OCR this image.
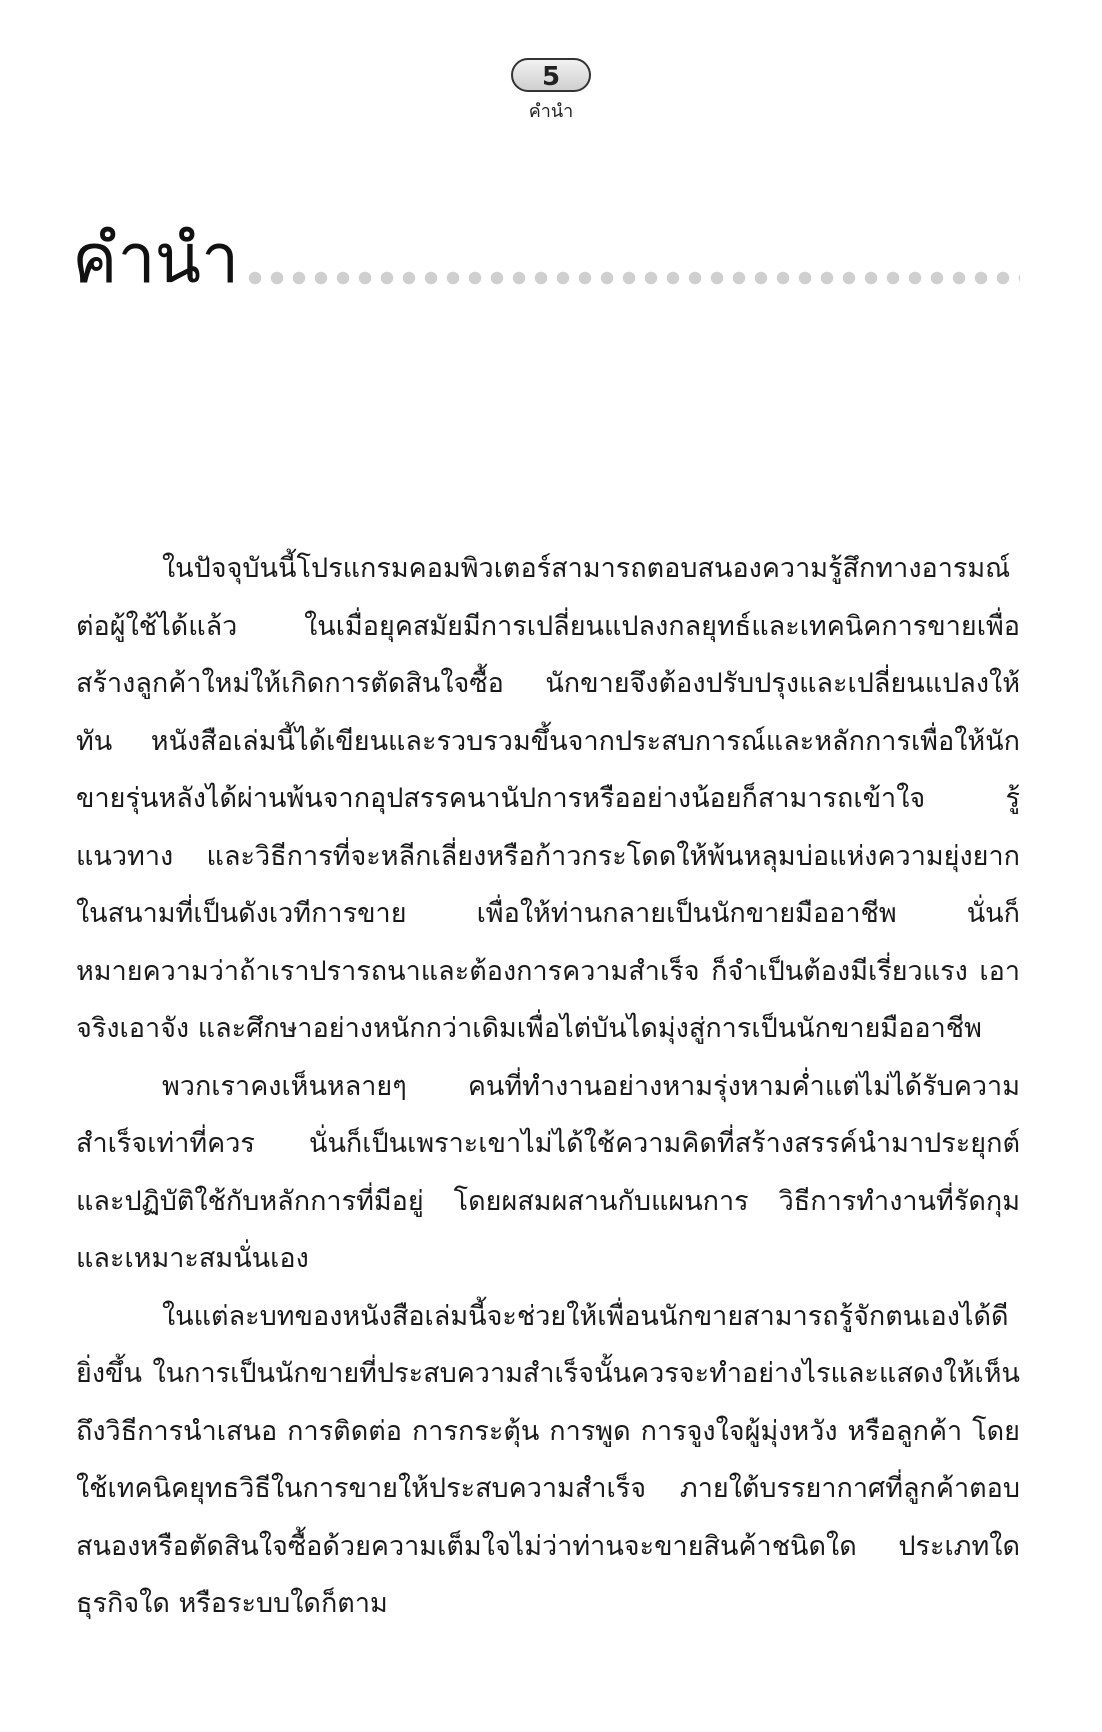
5
คำนำ
คำนำ

ในปัจจุบันนี้โปรแกรมคอมพิวเตอร์สามารถตอบสนองความรู้สึกทางอารมณ์ต่อผู้ใช้ได้แล้ว ในเมื่อยุคสมัยมีการเปลี่ยนแปลงกลยุทธ์และเทคนิคการขายเพื่อสร้างลูกค้าใหม่ให้เกิดการตัดสินใจซื้อ นักขายจึงต้องปรับปรุงและเปลี่ยนแปลงให้ทัน หนังสือเล่มนี้ได้เขียนและรวบรวมขึ้นจากประสบการณ์และหลักการเพื่อให้นักขายรุ่นหลังได้ผ่านพ้นจากอุปสรรคนานัปการหรืออย่างน้อยก็สามารถเข้าใจ รู้แนวทาง และวิธีการที่จะหลีกเลี่ยงหรือก้าวกระโดดให้พ้นหลุมบ่อแห่งความยุ่งยากในสนามที่เป็นดังเวทีการขาย เพื่อให้ท่านกลายเป็นนักขายมืออาชีพ นั่นก็หมายความว่าถ้าเราปรารถนาและต้องการความสำเร็จ ก็จำเป็นต้องมีเรี่ยวแรง เอาจริงเอาจัง และศึกษาอย่างหนักกว่าเดิมเพื่อไต่บันไดมุ่งสู่การเป็นนักขายมืออาชีพ

พวกเราคงเห็นหลายๆ คนที่ทำงานอย่างหามรุ่งหามค่ำแต่ไม่ได้รับความสำเร็จเท่าที่ควร นั่นก็เป็นเพราะเขาไม่ได้ใช้ความคิดที่สร้างสรรค์นำมาประยุกต์และปฏิบัติใช้กับหลักการที่มีอยู่ โดยผสมผสานกับแผนการ วิธีการทำงานที่รัดกุม และเหมาะสมนั่นเอง

ในแต่ละบทของหนังสือเล่มนี้จะช่วยให้เพื่อนนักขายสามารถรู้จักตนเองได้ดียิ่งขึ้น ในการเป็นนักขายที่ประสบความสำเร็จนั้นควรจะทำอย่างไรและแสดงให้เห็นถึงวิธีการนำเสนอ การติดต่อ การกระตุ้น การพูด การจูงใจผู้มุ่งหวัง หรือลูกค้า โดยใช้เทคนิคยุทธวิธีในการขายให้ประสบความสำเร็จ ภายใต้บรรยากาศที่ลูกค้าตอบสนองหรือตัดสินใจซื้อด้วยความเต็มใจไม่ว่าท่านจะขายสินค้าชนิดใด ประเภทใด ธุรกิจใด หรือระบบใดก็ตาม
